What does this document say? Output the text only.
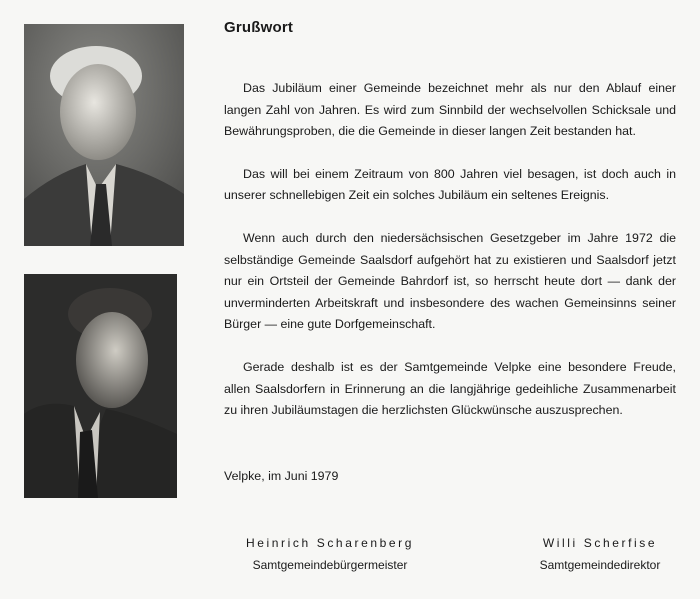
Grußwort

Das Jubiläum einer Gemeinde bezeichnet mehr als nur den Ablauf einer langen Zahl von Jahren. Es wird zum Sinnbild der wechselvollen Schicksale und Bewährungsproben, die die Gemeinde in dieser langen Zeit bestanden hat.

Das will bei einem Zeitraum von 800 Jahren viel besagen, ist doch auch in unserer schnellebigen Zeit ein solches Jubiläum ein seltenes Ereignis.

Wenn auch durch den niedersächsischen Gesetzgeber im Jahre 1972 die selbständige Gemeinde Saalsdorf aufgehört hat zu existieren und Saalsdorf jetzt nur ein Ortsteil der Gemeinde Bahrdorf ist, so herrscht heute dort — dank der unverminderten Arbeitskraft und insbesondere des wachen Gemeinsinns seiner Bürger — eine gute Dorfgemeinschaft.

Gerade deshalb ist es der Samtgemeinde Velpke eine besondere Freude, allen Saalsdorfern in Erinnerung an die langjährige gedeihliche Zusammenarbeit zu ihren Jubiläumstagen die herzlichsten Glückwünsche auszusprechen.

Velpke, im Juni 1979
Heinrich Scharenberg
Samtgemeindebürgermeister
Willi Scherfise
Samtgemeindedirektor
